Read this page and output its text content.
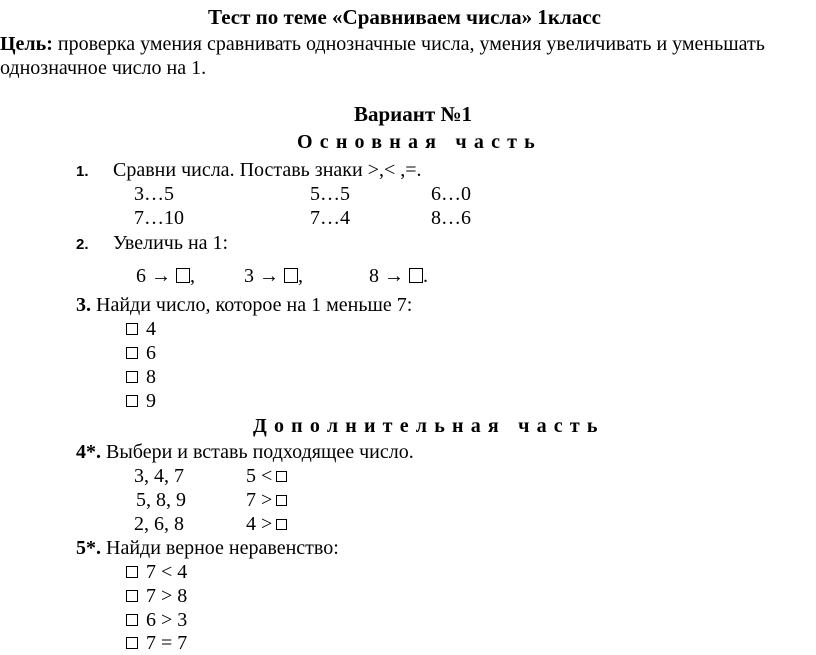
Тест по теме «Сравниваем числа» 1класс
Цель: проверка умения сравнивать однозначные числа, умения увеличивать и уменьшать
однозначное число на 1.
Вариант №1
Основная часть
1. Сравни числа. Поставь знаки >,< ,=.
3…5	5…5	6…0
7…10	7…4	8…6
2. Увеличь на 1:
6 → , 3 → ,	8 → .
3. Найди число, которое на 1 меньше 7:
4
6
8
9
Дополнительная часть
4*. Выбери и вставь подходящее число.
3, 4, 7	5 <
5, 8, 9	7 >
2, 6, 8	4 >
5*. Найди верное неравенство:
7 < 4
7 > 8
6 > 3
7 = 7
